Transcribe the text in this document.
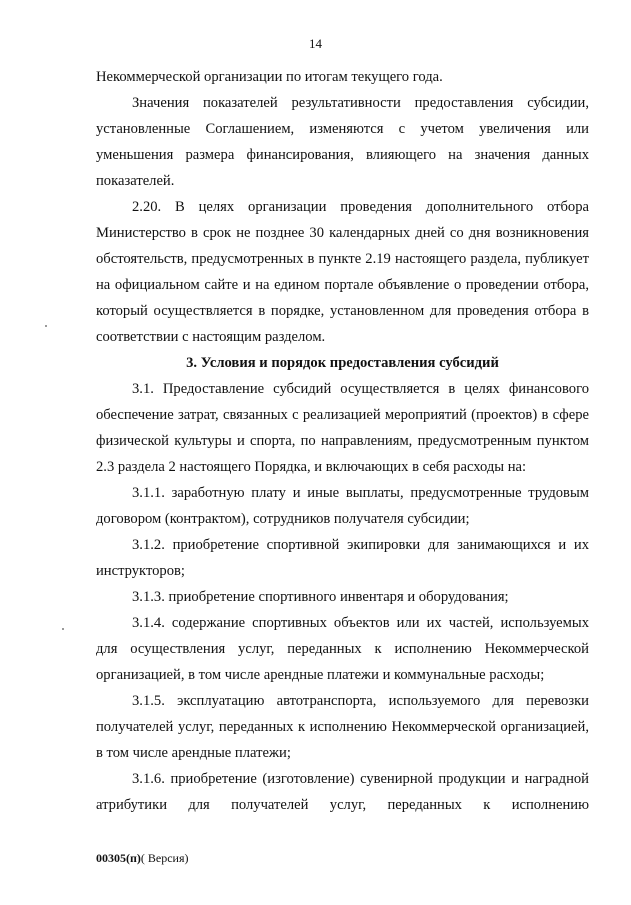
14

Некоммерческой организации по итогам текущего года.

Значения показателей результативности предоставления субсидии, установленные Соглашением, изменяются с учетом увеличения или уменьшения размера финансирования, влияющего на значения данных показателей.

2.20. В целях организации проведения дополнительного отбора Министерство в срок не позднее 30 календарных дней со дня возникновения обстоятельств, предусмотренных в пункте 2.19 настоящего раздела, публикует на официальном сайте и на едином портале объявление о проведении отбора, который осуществляется в порядке, установленном для проведения отбора в соответствии с настоящим разделом.

3. Условия и порядок предоставления субсидий

3.1. Предоставление субсидий осуществляется в целях финансового обеспечение затрат, связанных с реализацией мероприятий (проектов) в сфере физической культуры и спорта, по направлениям, предусмотренным пунктом 2.3 раздела 2 настоящего Порядка, и включающих в себя расходы на:

3.1.1. заработную плату и иные выплаты, предусмотренные трудовым договором (контрактом), сотрудников получателя субсидии;

3.1.2. приобретение спортивной экипировки для занимающихся и их инструкторов;

3.1.3. приобретение спортивного инвентаря и оборудования;

3.1.4. содержание спортивных объектов или их частей, используемых для осуществления услуг, переданных к исполнению Некоммерческой организацией, в том числе арендные платежи и коммунальные расходы;

3.1.5. эксплуатацию автотранспорта, используемого для перевозки получателей услуг, переданных к исполнению Некоммерческой организацией, в том числе арендные платежи;

3.1.6. приобретение (изготовление) сувенирной продукции и наградной атрибутики для получателей услуг, переданных к исполнению

00305(п)( Версия)
